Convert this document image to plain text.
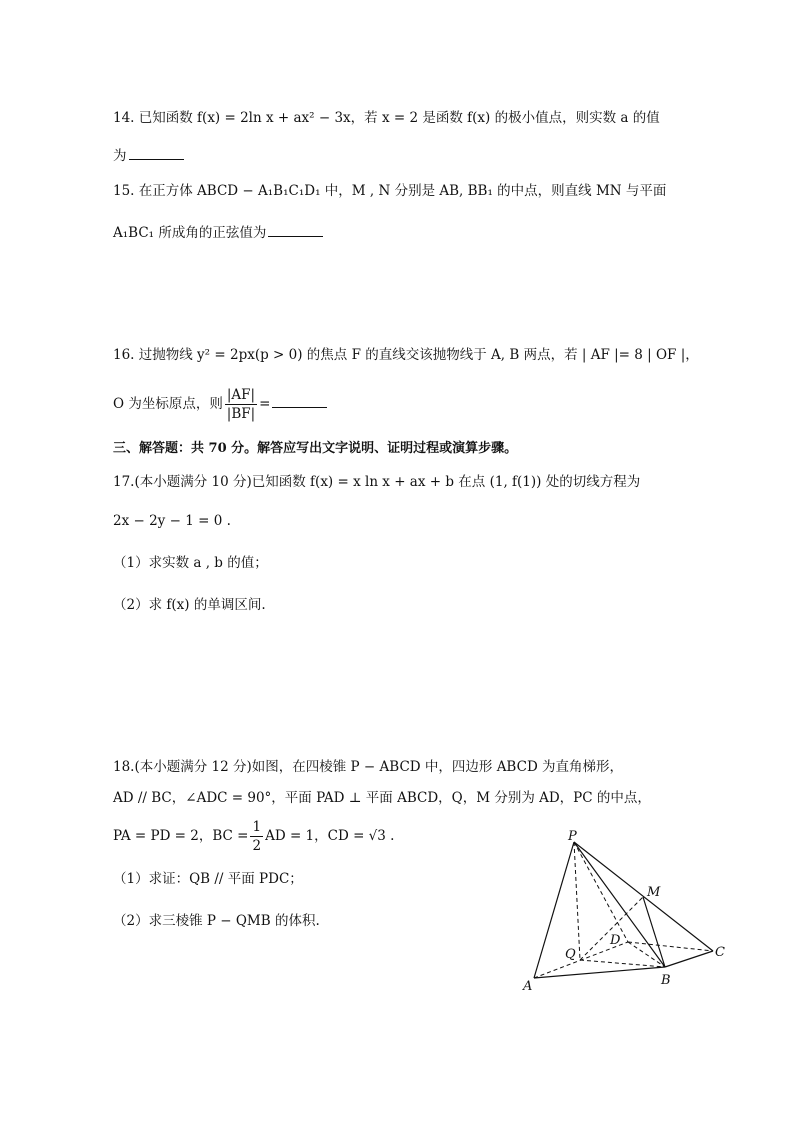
14. 已知函数 f(x) = 2ln x + ax² − 3x，若 x = 2 是函数 f(x) 的极小值点，则实数 a 的值
为
15. 在正方体 ABCD − A₁B₁C₁D₁ 中，M , N 分别是 AB, BB₁ 的中点，则直线 MN 与平面
A₁BC₁ 所成角的正弦值为
16. 过抛物线 y² = 2px(p > 0) 的焦点 F 的直线交该抛物线于 A, B 两点，若 | AF |= 8 | OF |，
O 为坐标原点，则 $\frac{|AF|}{|BF|}$ =
三、解答题：共 70 分。解答应写出文字说明、证明过程或演算步骤。
17.(本小题满分 10 分)已知函数 f(x) = x ln x + ax + b 在点 (1, f(1)) 处的切线方程为
2x − 2y − 1 = 0 .
（1）求实数 a , b 的值；
（2）求 f(x) 的单调区间.
18.(本小题满分 12 分)如图，在四棱锥 P − ABCD 中，四边形 ABCD 为直角梯形，
AD // BC，∠ADC = 90°，平面 PAD ⊥ 平面 ABCD，Q，M 分别为 AD，PC 的中点，
PA = PD = 2，BC = $\frac{1}{2}$ AD = 1，CD = √3 .
（1）求证：QB // 平面 PDC；
（2）求三棱锥 P − QMB 的体积.
P
M
D
C
Q
A	B
